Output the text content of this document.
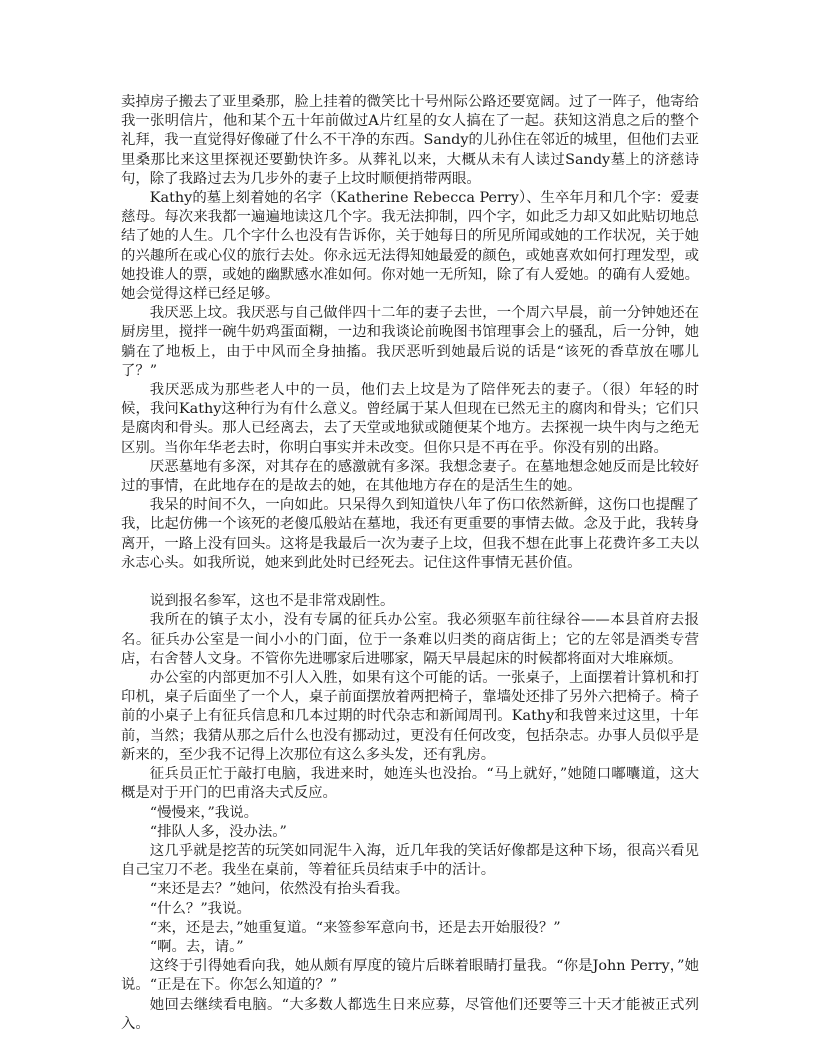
卖掉房子搬去了亚里桑那，脸上挂着的微笑比十号州际公路还要宽阔。过了一阵子，他寄给我一张明信片，他和某个五十年前做过A片红星的女人搞在了一起。获知这消息之后的整个礼拜，我一直觉得好像碰了什么不干净的东西。Sandy的儿孙住在邻近的城里，但他们去亚里桑那比来这里探视还要勤快许多。从葬礼以来，大概从未有人读过Sandy墓上的济慈诗句，除了我路过去为几步外的妻子上坟时顺便捎带两眼。

Kathy的墓上刻着她的名字（Katherine Rebecca Perry）、生卒年月和几个字：爱妻慈母。每次来我都一遍遍地读这几个字。我无法抑制，四个字，如此乏力却又如此贴切地总结了她的人生。几个字什么也没有告诉你，关于她每日的所见所闻或她的工作状况，关于她的兴趣所在或心仪的旅行去处。你永远无法得知她最爱的颜色，或她喜欢如何打理发型，或她投谁人的票，或她的幽默感水准如何。你对她一无所知，除了有人爱她。的确有人爱她。她会觉得这样已经足够。

我厌恶上坟。我厌恶与自己做伴四十二年的妻子去世，一个周六早晨，前一分钟她还在厨房里，搅拌一碗牛奶鸡蛋面糊，一边和我谈论前晚图书馆理事会上的骚乱，后一分钟，她躺在了地板上，由于中风而全身抽搐。我厌恶听到她最后说的话是“该死的香草放在哪儿了？”

我厌恶成为那些老人中的一员，他们去上坟是为了陪伴死去的妻子。（很）年轻的时候，我问Kathy这种行为有什么意义。曾经属于某人但现在已然无主的腐肉和骨头；它们只是腐肉和骨头。那人已经离去，去了天堂或地狱或随便某个地方。去探视一块牛肉与之绝无区别。当你年华老去时，你明白事实并未改变。但你只是不再在乎。你没有别的出路。

厌恶墓地有多深，对其存在的感激就有多深。我想念妻子。在墓地想念她反而是比较好过的事情，在此地存在的是故去的她，在其他地方存在的是活生生的她。

我呆的时间不久，一向如此。只呆得久到知道快八年了伤口依然新鲜，这伤口也提醒了我，比起仿佛一个该死的老傻瓜般站在墓地，我还有更重要的事情去做。念及于此，我转身离开，一路上没有回头。这将是我最后一次为妻子上坟，但我不想在此事上花费许多工夫以永志心头。如我所说，她来到此处时已经死去。记住这件事情无甚价值。

说到报名参军，这也不是非常戏剧性。

我所在的镇子太小，没有专属的征兵办公室。我必须驱车前往绿谷——本县首府去报名。征兵办公室是一间小小的门面，位于一条难以归类的商店街上；它的左邻是酒类专营店，右舍替人文身。不管你先进哪家后进哪家，隔天早晨起床的时候都将面对大堆麻烦。

办公室的内部更加不引人入胜，如果有这个可能的话。一张桌子，上面摆着计算机和打印机，桌子后面坐了一个人，桌子前面摆放着两把椅子，靠墙处还排了另外六把椅子。椅子前的小桌子上有征兵信息和几本过期的时代杂志和新闻周刊。Kathy和我曾来过这里，十年前，当然；我猜从那之后什么也没有挪动过，更没有任何改变，包括杂志。办事人员似乎是新来的，至少我不记得上次那位有这么多头发，还有乳房。

征兵员正忙于敲打电脑，我进来时，她连头也没抬。“马上就好，”她随口嘟囔道，这大概是对于开门的巴甫洛夫式反应。

“慢慢来，”我说。

“排队人多，没办法。”

这几乎就是挖苦的玩笑如同泥牛入海，近几年我的笑话好像都是这种下场，很高兴看见自己宝刀不老。我坐在桌前，等着征兵员结束手中的活计。

“来还是去？”她问，依然没有抬头看我。

“什么？”我说。

“来，还是去，”她重复道。“来签参军意向书，还是去开始服役？”

“啊。去，请。”

这终于引得她看向我，她从颇有厚度的镜片后眯着眼睛打量我。“你是John Perry，”她说。“正是在下。你怎么知道的？”

她回去继续看电脑。“大多数人都选生日来应募，尽管他们还要等三十天才能被正式列入。
